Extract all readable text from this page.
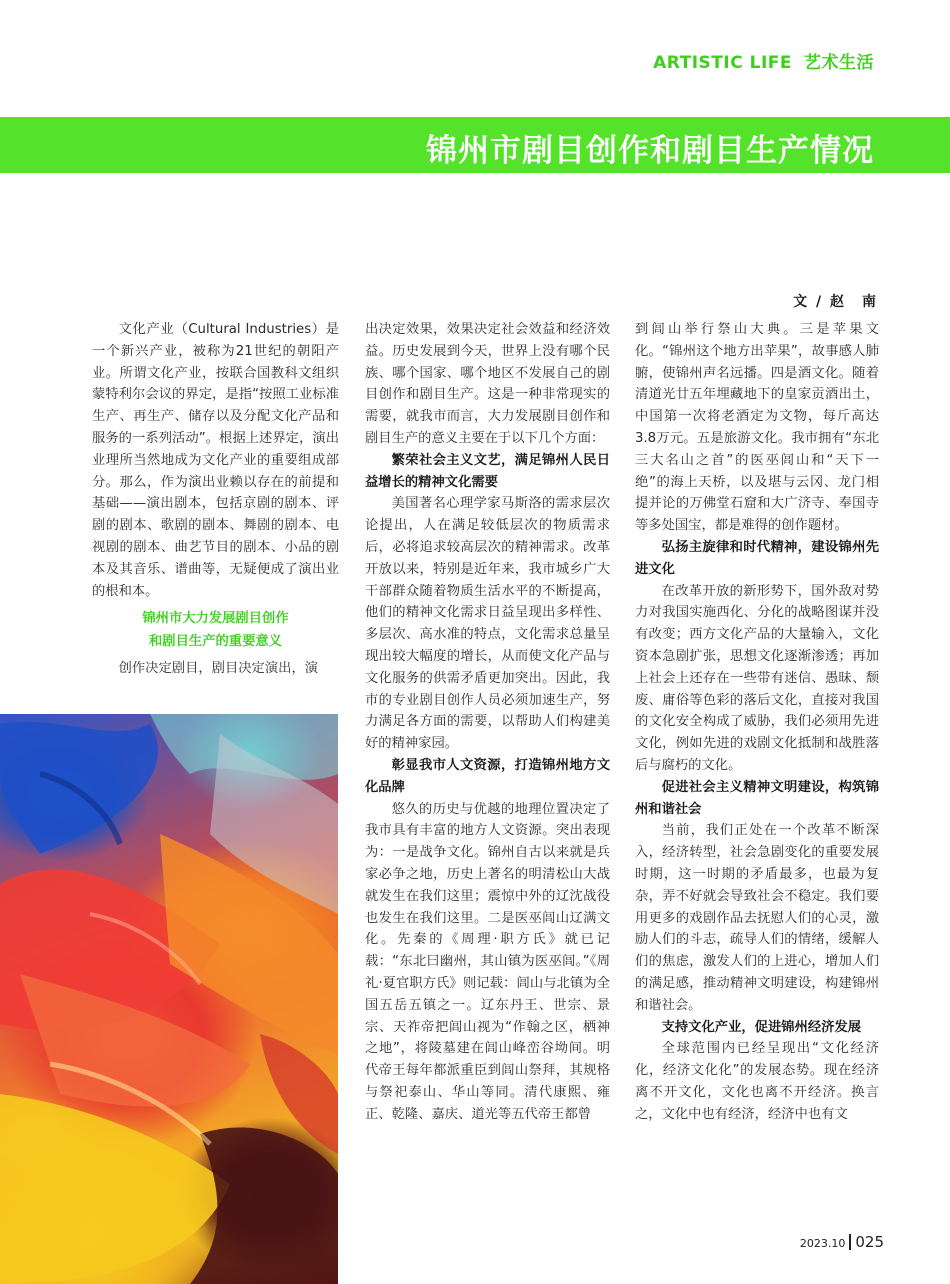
ARTISTIC LIFE 艺术生活
锦州市剧目创作和剧目生产情况
文 / 赵　南

文化产业（Cultural Industries）是一个新兴产业，被称为21世纪的朝阳产业。所谓文化产业，按联合国教科文组织蒙特利尔会议的界定，是指“按照工业标准生产、再生产、储存以及分配文化产品和服务的一系列活动”。根据上述界定，演出业理所当然地成为文化产业的重要组成部分。那么，作为演出业赖以存在的前提和基础——演出剧本，包括京剧的剧本、评剧的剧本、歌剧的剧本、舞剧的剧本、电视剧的剧本、曲艺节目的剧本、小品的剧本及其音乐、谱曲等，无疑便成了演出业的根和本。

锦州市大力发展剧目创作
和剧目生产的重要意义

创作决定剧目，剧目决定演出，演

出决定效果，效果决定社会效益和经济效益。历史发展到今天，世界上没有哪个民族、哪个国家、哪个地区不发展自己的剧目创作和剧目生产。这是一种非常现实的需要，就我市而言，大力发展剧目创作和剧目生产的意义主要在于以下几个方面：

繁荣社会主义文艺，满足锦州人民日益增长的精神文化需要

美国著名心理学家马斯洛的需求层次论提出，人在满足较低层次的物质需求后，必将追求较高层次的精神需求。改革开放以来，特别是近年来，我市城乡广大干部群众随着物质生活水平的不断提高，他们的精神文化需求日益呈现出多样性、多层次、高水准的特点，文化需求总量呈现出较大幅度的增长，从而使文化产品与文化服务的供需矛盾更加突出。因此，我市的专业剧目创作人员必须加速生产，努力满足各方面的需要，以帮助人们构建美好的精神家园。

彰显我市人文资源，打造锦州地方文化品牌

悠久的历史与优越的地理位置决定了我市具有丰富的地方人文资源。突出表现为：一是战争文化。锦州自古以来就是兵家必争之地，历史上著名的明清松山大战就发生在我们这里；震惊中外的辽沈战役也发生在我们这里。二是医巫闾山辽满文化。先秦的《周理·职方氏》就已记载：“东北曰幽州，其山镇为医巫闾。”《周礼·夏官职方氏》则记载：闾山与北镇为全国五岳五镇之一。辽东丹王、世宗、景宗、天祚帝把闾山视为“作翰之区，栖神之地”，将陵墓建在闾山峰峦谷坳间。明代帝王每年都派重臣到闾山祭拜，其规格与祭祀泰山、华山等同。清代康熙、雍正、乾隆、嘉庆、道光等五代帝王都曾

到闾山举行祭山大典。三是苹果文化。“锦州这个地方出苹果”，故事感人肺腑，使锦州声名远播。四是酒文化。随着清道光廿五年埋藏地下的皇家贡酒出土，中国第一次将老酒定为文物，每斤高达3.8万元。五是旅游文化。我市拥有“东北三大名山之首”的医巫闾山和“天下一绝”的海上天桥，以及堪与云冈、龙门相提并论的万佛堂石窟和大广济寺、奉国寺等多处国宝，都是难得的创作题材。

弘扬主旋律和时代精神，建设锦州先进文化

在改革开放的新形势下，国外敌对势力对我国实施西化、分化的战略图谋并没有改变；西方文化产品的大量输入，文化资本急剧扩张，思想文化逐渐渗透；再加上社会上还存在一些带有迷信、愚昧、颓废、庸俗等色彩的落后文化，直接对我国的文化安全构成了威胁，我们必须用先进文化，例如先进的戏剧文化抵制和战胜落后与腐朽的文化。

促进社会主义精神文明建设，构筑锦州和谐社会

当前，我们正处在一个改革不断深入，经济转型，社会急剧变化的重要发展时期，这一时期的矛盾最多，也最为复杂，弄不好就会导致社会不稳定。我们要用更多的戏剧作品去抚慰人们的心灵，激励人们的斗志，疏导人们的情绪，缓解人们的焦虑，激发人们的上进心，增加人们的满足感，推动精神文明建设，构建锦州和谐社会。

支持文化产业，促进锦州经济发展

全球范围内已经呈现出“文化经济化，经济文化化”的发展态势。现在经济离不开文化，文化也离不开经济。换言之，文化中也有经济，经济中也有文

2023.10 025
